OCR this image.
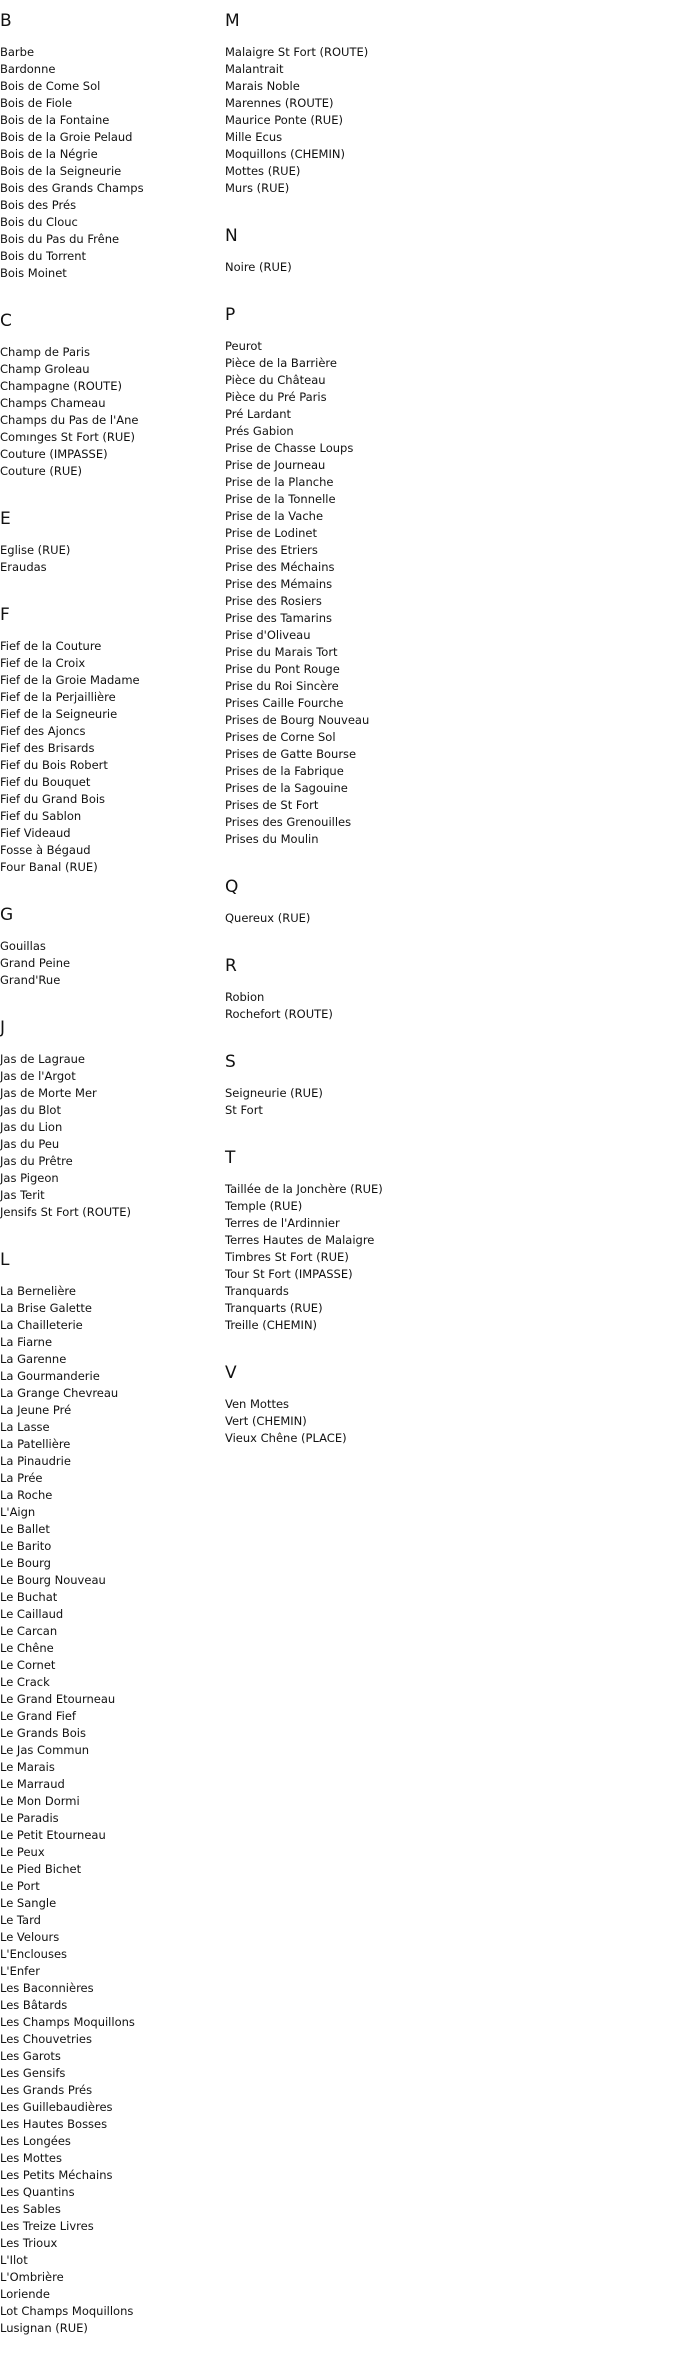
B
Barbe
Bardonne
Bois de Come Sol
Bois de Fiole
Bois de la Fontaine
Bois de la Groie Pelaud
Bois de la Négrie
Bois de la Seigneurie
Bois des Grands Champs
Bois des Prés
Bois du Clouc
Bois du Pas du Frêne
Bois du Torrent
Bois Moinet
C
Champ de Paris
Champ Groleau
Champagne (ROUTE)
Champs Chameau
Champs du Pas de l'Ane
Comınges St Fort (RUE)
Couture (IMPASSE)
Couture (RUE)
E
Eglise (RUE)
Eraudas
F
Fief de la Couture
Fief de la Croix
Fief de la Groie Madame
Fief de la Perjaillière
Fief de la Seigneurie
Fief des Ajoncs
Fief des Brisards
Fief du Bois Robert
Fief du Bouquet
Fief du Grand Bois
Fief du Sablon
Fief Videaud
Fosse à Bégaud
Four Banal (RUE)
G
Gouillas
Grand Peine
Grand'Rue
J
Jas de Lagraue
Jas de l'Argot
Jas de Morte Mer
Jas du Blot
Jas du Lion
Jas du Peu
Jas du Prêtre
Jas Pigeon
Jas Terit
Jensifs St Fort (ROUTE)
L
La Bernelière
La Brise Galette
La Chailleterie
La Fiarne
La Garenne
La Gourmanderie
La Grange Chevreau
La Jeune Pré
La Lasse
La Patellière
La Pinaudrie
La Prée
La Roche
L'Aign
Le Ballet
Le Barito
Le Bourg
Le Bourg Nouveau
Le Buchat
Le Caillaud
Le Carcan
Le Chêne
Le Cornet
Le Crack
Le Grand Etourneau
Le Grand Fief
Le Grands Bois
Le Jas Commun
Le Marais
Le Marraud
Le Mon Dormi
Le Paradis
Le Petit Etourneau
Le Peux
Le Pied Bichet
Le Port
Le Sangle
Le Tard
Le Velours
L'Enclouses
L'Enfer
Les Baconnières
Les Bâtards
Les Champs Moquillons
Les Chouvetries
Les Garots
Les Gensifs
Les Grands Prés
Les Guillebaudières
Les Hautes Bosses
Les Longées
Les Mottes
Les Petits Méchains
Les Quantins
Les Sables
Les Treize Livres
Les Trioux
L'Ilot
L'Ombrière
Loriende
Lot Champs Moquillons
Lusignan (RUE)
M
Malaigre St Fort (ROUTE)
Malantrait
Marais Noble
Marennes (ROUTE)
Maurice Ponte (RUE)
Mille Ecus
Moquillons (CHEMIN)
Mottes (RUE)
Murs (RUE)
N
Noire (RUE)
P
Peurot
Pièce de la Barrière
Pièce du Château
Pièce du Pré Paris
Pré Lardant
Prés Gabion
Prise de Chasse Loups
Prise de Journeau
Prise de la Planche
Prise de la Tonnelle
Prise de la Vache
Prise de Lodinet
Prise des Etriers
Prise des Méchains
Prise des Mémains
Prise des Rosiers
Prise des Tamarins
Prise d'Oliveau
Prise du Marais Tort
Prise du Pont Rouge
Prise du Roi Sincère
Prises Caille Fourche
Prises de Bourg Nouveau
Prises de Corne Sol
Prises de Gatte Bourse
Prises de la Fabrique
Prises de la Sagouine
Prises de St Fort
Prises des Grenouilles
Prises du Moulin
Q
Quereux (RUE)
R
Robion
Rochefort (ROUTE)
S
Seigneurie (RUE)
St Fort
T
Taillée de la Jonchère (RUE)
Temple (RUE)
Terres de l'Ardinnier
Terres Hautes de Malaigre
Timbres St Fort (RUE)
Tour St Fort (IMPASSE)
Tranquards
Tranquarts (RUE)
Treille (CHEMIN)
V
Ven Mottes
Vert (CHEMIN)
Vieux Chêne (PLACE)
